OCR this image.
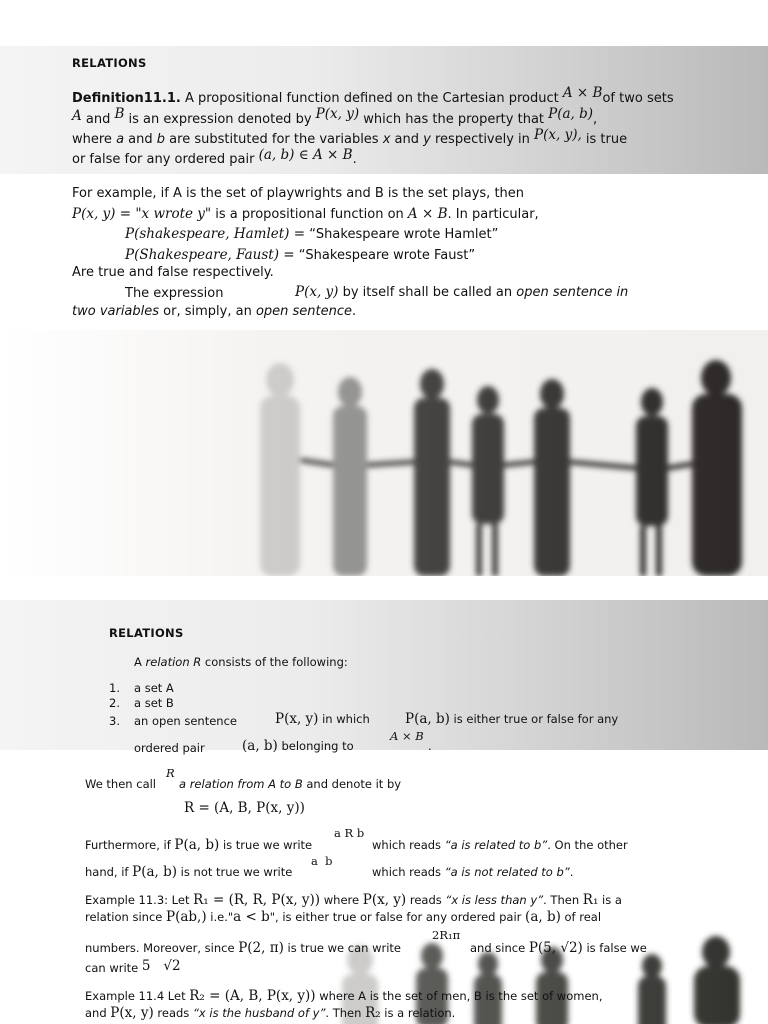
RELATIONS
Definition11.1. A propositional function defined on the Cartesian product A × Bof two sets
A and B is an expression denoted by P(x, y) which has the property that P(a, b),
where a and b are substituted for the variables x and y respectively in P(x, y), is true
or false for any ordered pair (a, b) ∈ A × B.
For example, if A is the set of playwrights and B is the set plays, then
P(x, y) = "x wrote y" is a propositional function on A × B. In particular,
P(shakespeare, Hamlet) = “Shakespeare wrote Hamlet”
P(Shakespeare, Faust) = “Shakespeare wrote Faust”
Are true and false respectively.
The expression	P(x, y) by itself shall be called an open sentence in
two variables or, simply, an open sentence.
RELATIONS
A relation R consists of the following:
1. a set A
2. a set B
3. an open sentence	P(x, y) in which	P(a, b) is either true or false for any
A × B
ordered pair	(a, b) belonging to	.
R
We then call a relation from A to B and denote it by
R = (A, B, P(x, y))
a R b
Furthermore, if P(a, b) is true we write	which reads “a is related to b”. On the other
a  b
hand, if P(a, b) is not true we write	which reads “a is not related to b”.
Example 11.3: Let R₁ = (R, R, P(x, y)) where P(x, y) reads “x is less than y”. Then R₁ is a
relation since P(ab,) i.e."a < b", is either true or false for any ordered pair (a, b) of real
2R₁π
numbers. Moreover, since P(2, π) is true we can write	and since P(5, √2) is false we
can write 5   √2
Example 11.4 Let R₂ = (A, B, P(x, y)) where A is the set of men, B is the set of women,
and P(x, y) reads “x is the husband of y”. Then R₂ is a relation.
